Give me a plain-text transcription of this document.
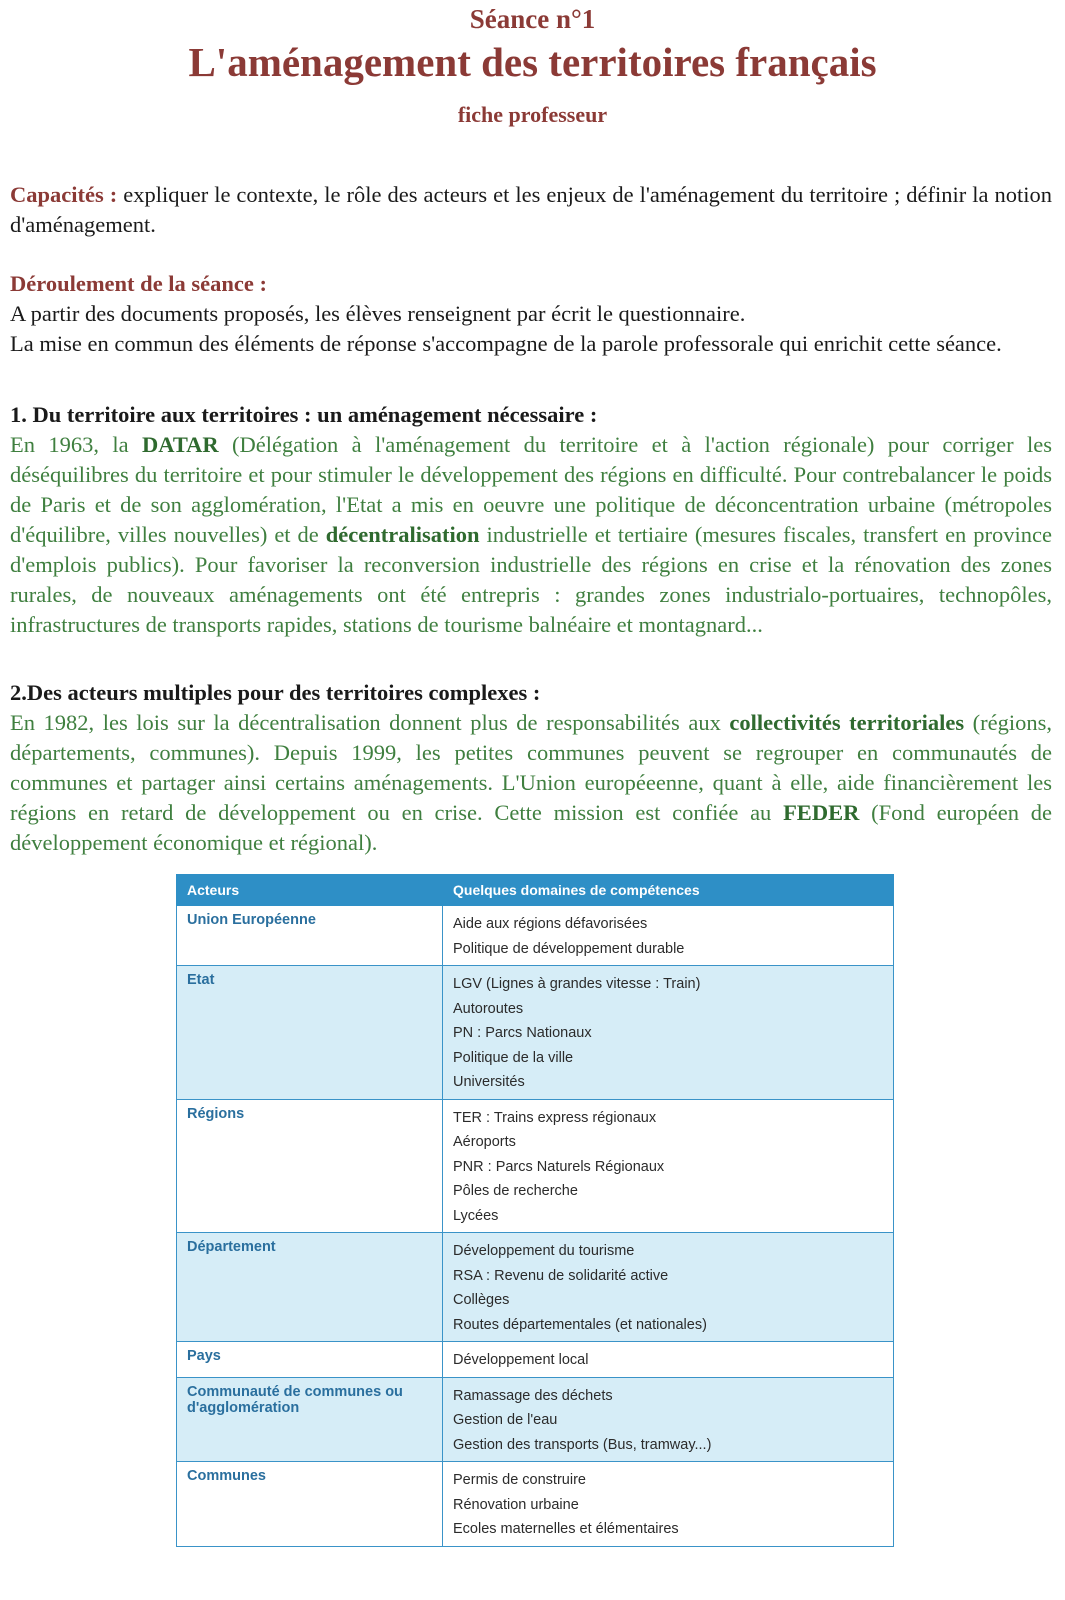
Séance n°1
L'aménagement des territoires français
fiche professeur
Capacités : expliquer le contexte, le rôle des acteurs et les enjeux de l'aménagement du territoire ; définir la notion d'aménagement.
Déroulement de la séance :
A partir des documents proposés, les élèves renseignent par écrit le questionnaire.
La mise en commun des éléments de réponse s'accompagne de la parole professorale qui enrichit cette séance.
1. Du territoire aux territoires : un aménagement nécessaire :
En 1963, la DATAR (Délégation à l'aménagement du territoire et à l'action régionale) pour corriger les déséquilibres du territoire et pour stimuler le développement des régions en difficulté. Pour contrebalancer le poids de Paris et de son agglomération, l'Etat a mis en oeuvre une politique de déconcentration urbaine (métropoles d'équilibre, villes nouvelles) et de décentralisation industrielle et tertiaire (mesures fiscales, transfert en province d'emplois publics). Pour favoriser la reconversion industrielle des régions en crise et la rénovation des zones rurales, de nouveaux aménagements ont été entrepris : grandes zones industrialo-portuaires, technopôles, infrastructures de transports rapides, stations de tourisme balnéaire et montagnard...
2.Des acteurs multiples pour des territoires complexes :
En 1982, les lois sur la décentralisation donnent plus de responsabilités aux collectivités territoriales (régions, départements, communes). Depuis 1999, les petites communes peuvent se regrouper en communautés de communes et partager ainsi certains aménagements. L'Union européeenne, quant à elle, aide financièrement les régions en retard de développement ou en crise. Cette mission est confiée au FEDER (Fond européen de développement économique et régional).
Acteurs	Quelques domaines de compétences
Union Européenne	Aide aux régions défavorisées
Politique de développement durable

Etat	LGV (Lignes à grandes vitesse : Train)
Autoroutes
PN : Parcs Nationaux
Politique de la ville
Universités

Régions	TER : Trains express régionaux
Aéroports
PNR : Parcs Naturels Régionaux
Pôles de recherche
Lycées

Département	Développement du tourisme
RSA : Revenu de solidarité active
Collèges
Routes départementales (et nationales)

Pays	Développement local

Communauté de communes ou d'agglomération	Ramassage des déchets
Gestion de l'eau
Gestion des transports (Bus, tramway...)

Communes	Permis de construire
Rénovation urbaine
Ecoles maternelles et élémentaires
